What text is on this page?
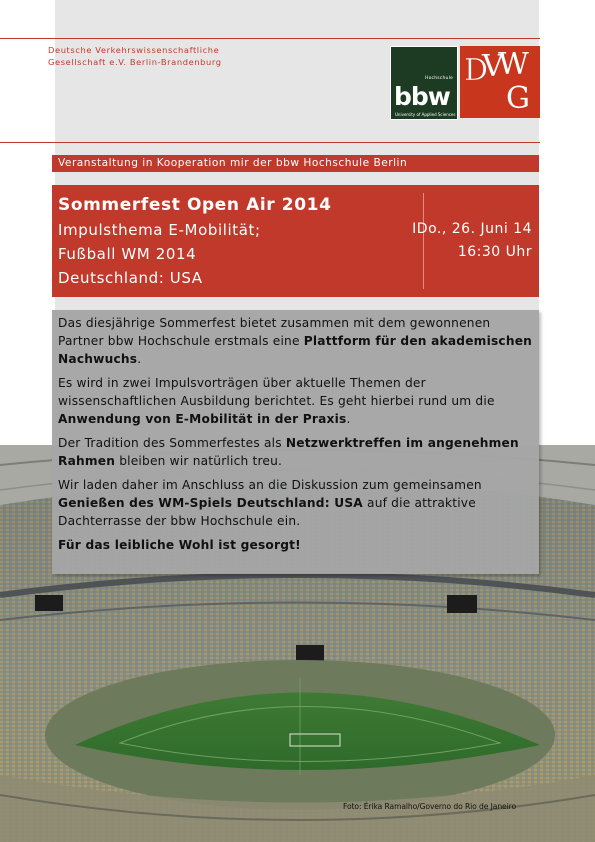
Deutsche Verkehrswissenschaftliche
Gesellschaft e.V. Berlin-Brandenburg
Hochschule
bbw
University of Applied Sciences
D
V
W
G
Veranstaltung in Kooperation mir der bbw Hochschule Berlin
Sommerfest Open Air 2014
Impulsthema E-Mobilität;
Fußball WM 2014
Deutschland: USA
IDo., 26. Juni 14
16:30 Uhr

Das diesjährige Sommerfest bietet zusammen mit dem gewonnenen Partner bbw Hochschule erstmals eine Plattform für den akademischen Nachwuchs.

Es wird in zwei Impulsvorträgen über aktuelle Themen der wissenschaftlichen Ausbildung berichtet. Es geht hierbei rund um die Anwendung von E-Mobilität in der Praxis.

Der Tradition des Sommerfestes als Netzwerktreffen im angenehmen Rahmen bleiben wir natürlich treu.

Wir laden daher im Anschluss an die Diskussion zum gemeinsamen Genießen des WM-Spiels Deutschland: USA auf die attraktive Dachterrasse der bbw Hochschule ein.

Für das leibliche Wohl ist gesorgt!

Foto: Érika Ramalho/Governo do Rio de Janeiro
